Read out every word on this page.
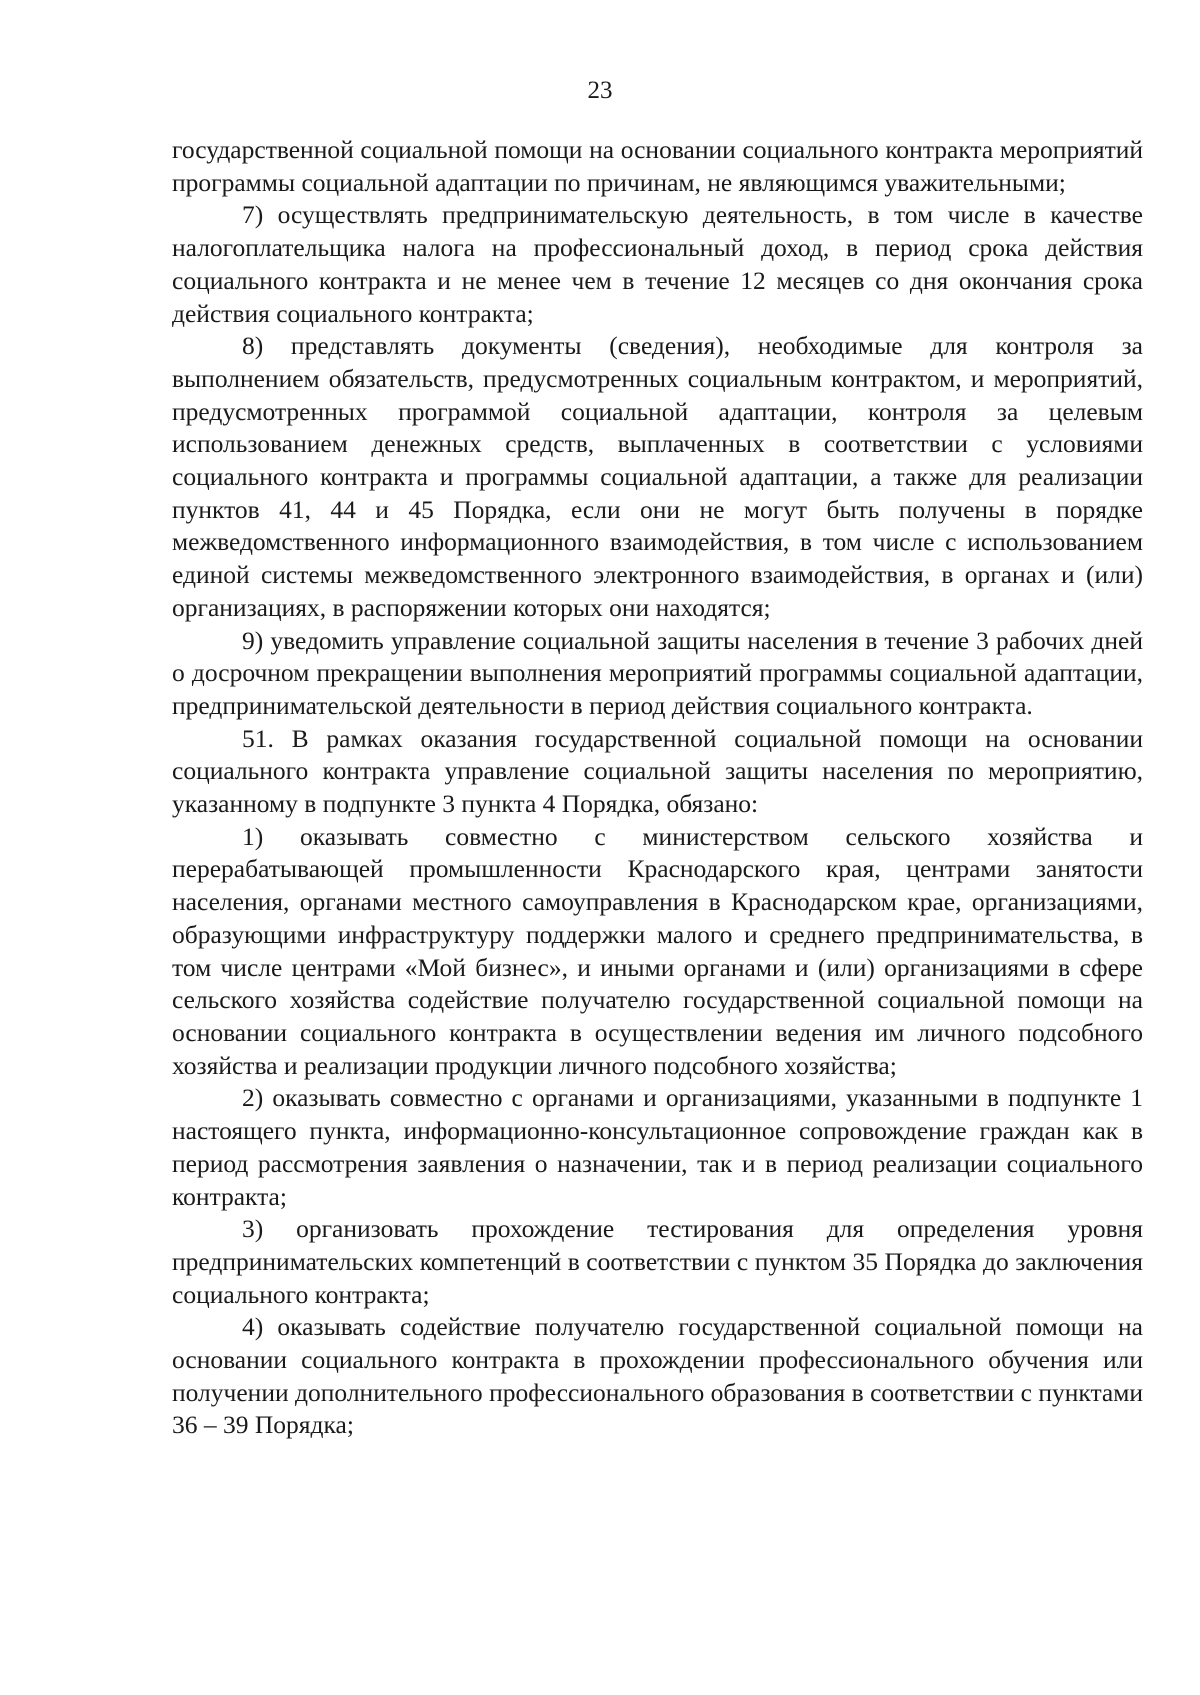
23

государственной социальной помощи на основании социального контракта мероприятий программы социальной адаптации по причинам, не являющимся уважительными;

7) осуществлять предпринимательскую деятельность, в том числе в качестве налогоплательщика налога на профессиональный доход, в период срока действия социального контракта и не менее чем в течение 12 месяцев со дня окончания срока действия социального контракта;

8) представлять документы (сведения), необходимые для контроля за выполнением обязательств, предусмотренных социальным контрактом, и мероприятий, предусмотренных программой социальной адаптации, контроля за целевым использованием денежных средств, выплаченных в соответствии с условиями социального контракта и программы социальной адаптации, а также для реализации пунктов 41, 44 и 45 Порядка, если они не могут быть получены в порядке межведомственного информационного взаимодействия, в том числе с использованием единой системы межведомственного электронного взаимодействия, в органах и (или) организациях, в распоряжении которых они находятся;

9) уведомить управление социальной защиты населения в течение 3 рабочих дней о досрочном прекращении выполнения мероприятий программы социальной адаптации, предпринимательской деятельности в период действия социального контракта.

51. В рамках оказания государственной социальной помощи на основании социального контракта управление социальной защиты населения по мероприятию, указанному в подпункте 3 пункта 4 Порядка, обязано:

1) оказывать совместно с министерством сельского хозяйства и перерабатывающей промышленности Краснодарского края, центрами занятости населения, органами местного самоуправления в Краснодарском крае, организациями, образующими инфраструктуру поддержки малого и среднего предпринимательства, в том числе центрами «Мой бизнес», и иными органами и (или) организациями в сфере сельского хозяйства содействие получателю государственной социальной помощи на основании социального контракта в осуществлении ведения им личного подсобного хозяйства и реализации продукции личного подсобного хозяйства;

2) оказывать совместно с органами и организациями, указанными в подпункте 1 настоящего пункта, информационно-консультационное сопровождение граждан как в период рассмотрения заявления о назначении, так и в период реализации социального контракта;

3) организовать прохождение тестирования для определения уровня предпринимательских компетенций в соответствии с пунктом 35 Порядка до заключения социального контракта;

4) оказывать содействие получателю государственной социальной помощи на основании социального контракта в прохождении профессионального обучения или получении дополнительного профессионального образования в соответствии с пунктами 36 – 39 Порядка;
